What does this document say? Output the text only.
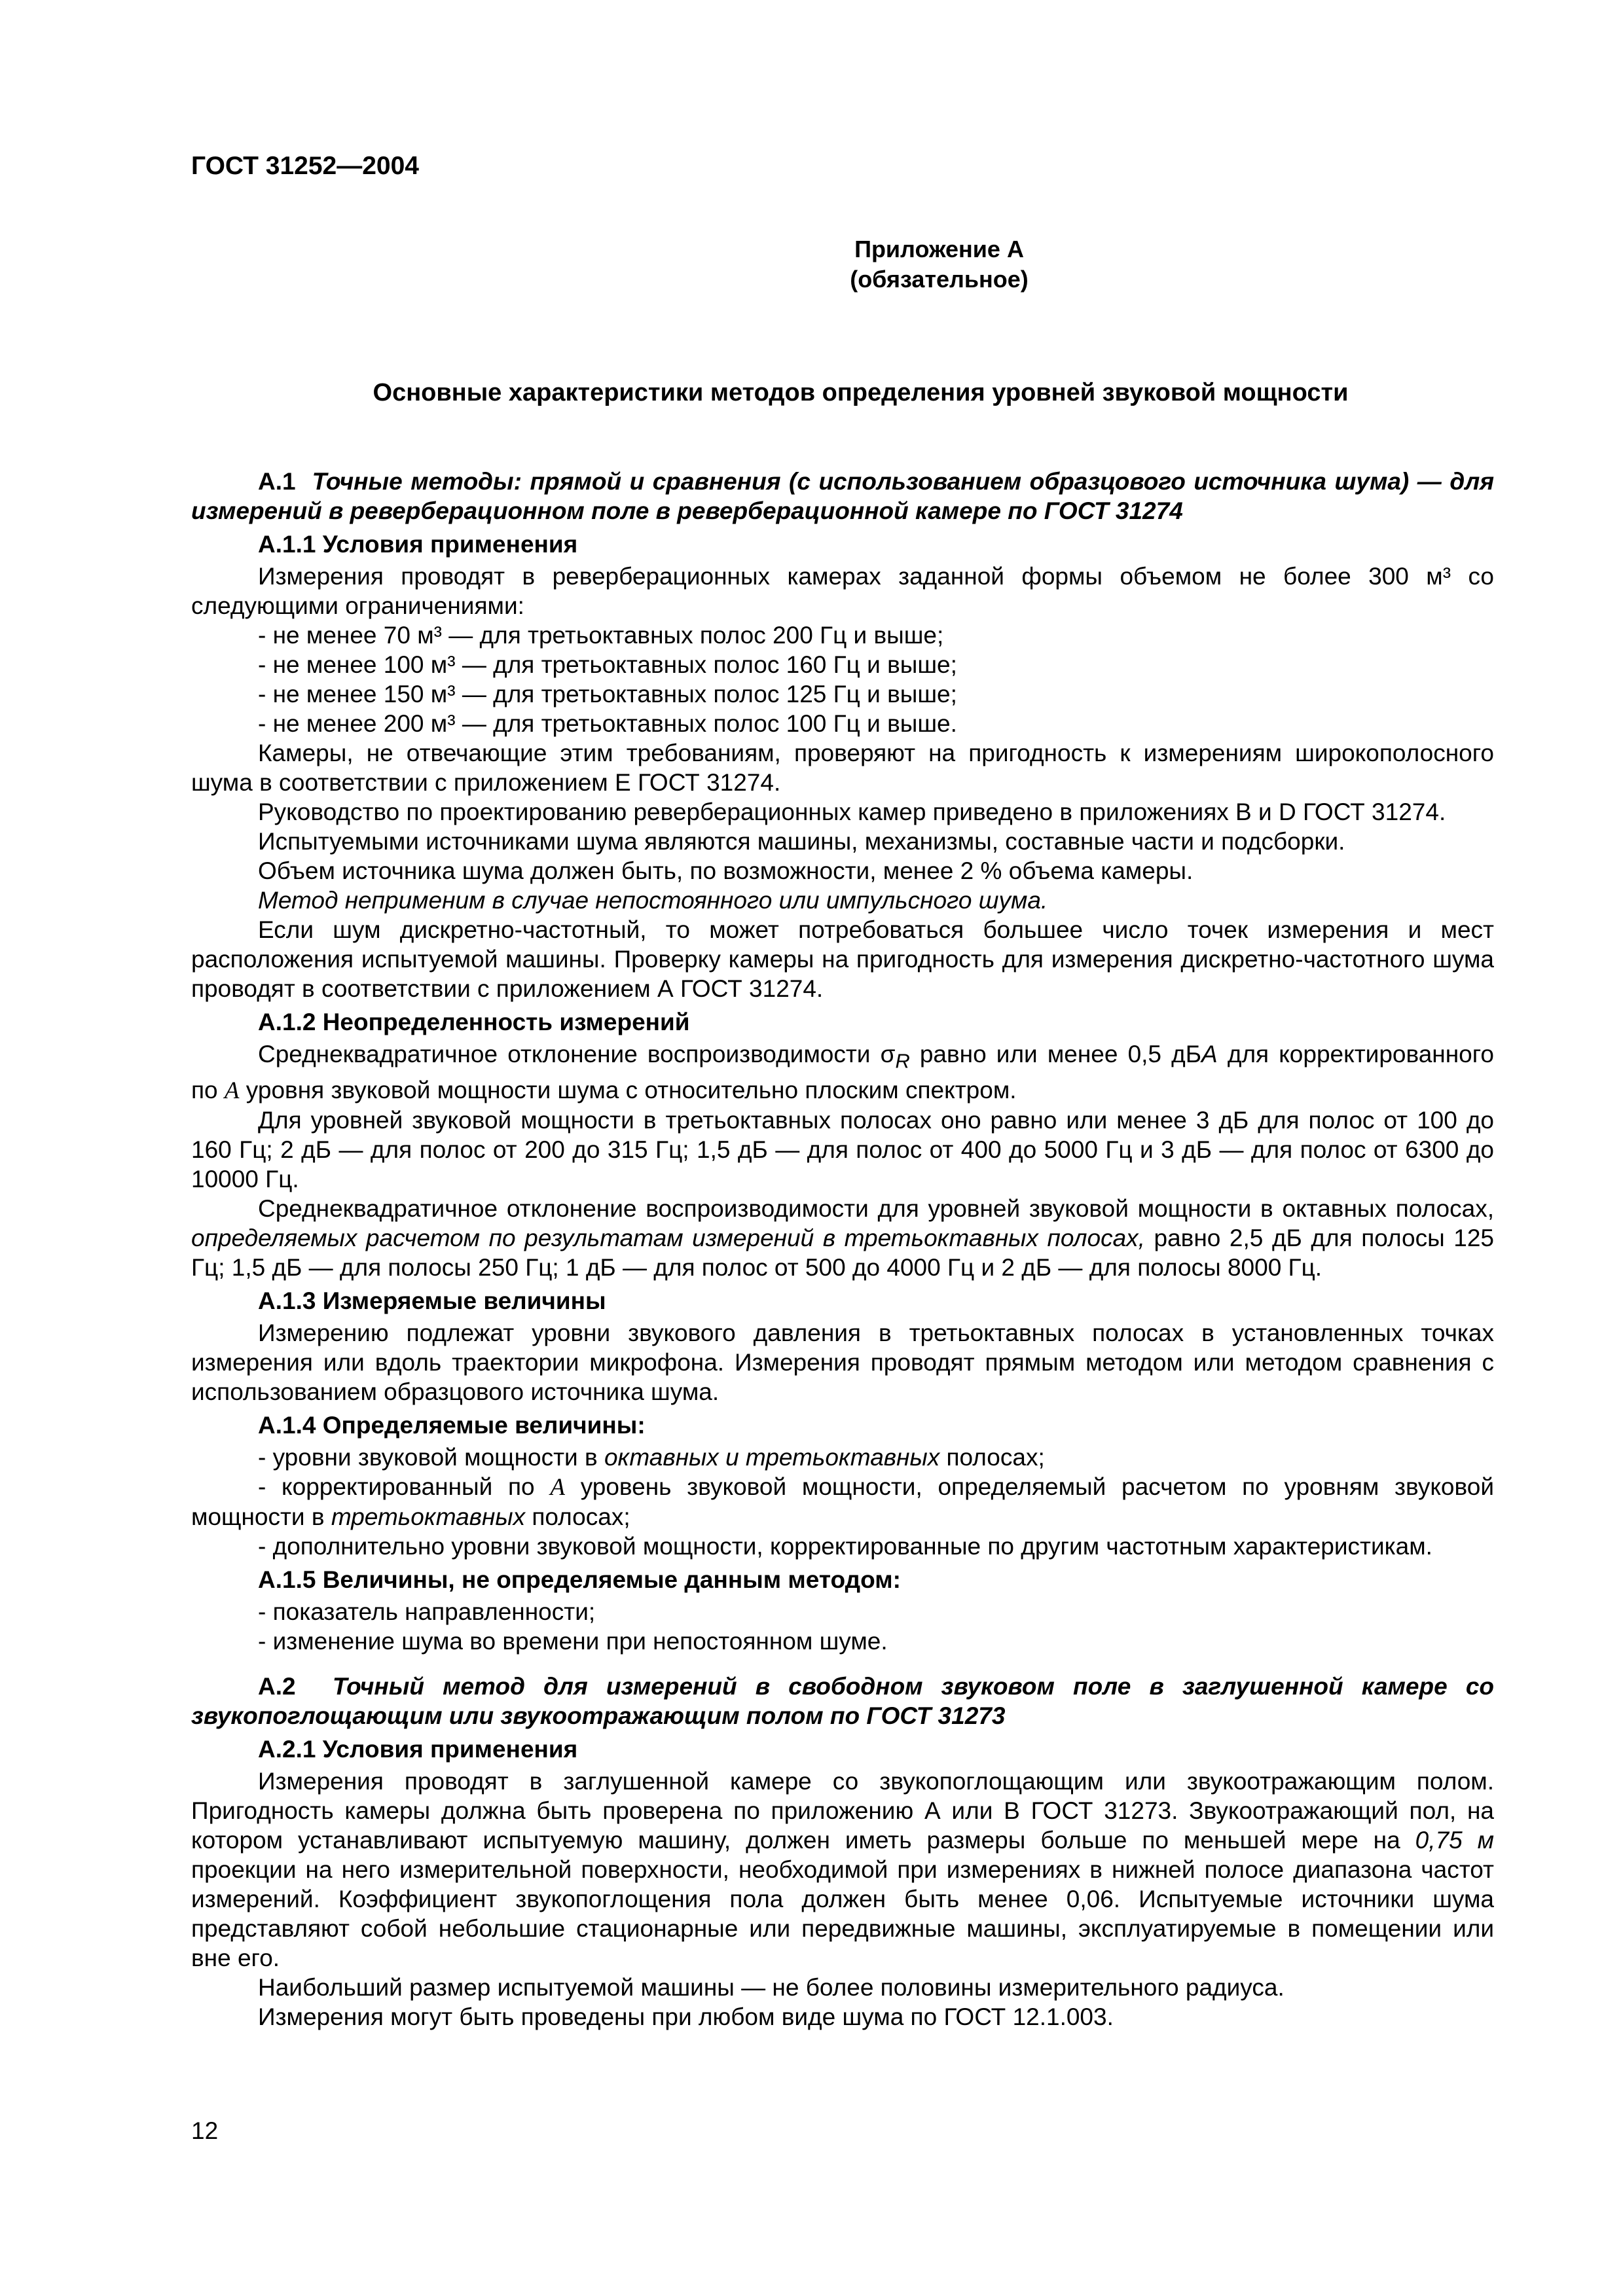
ГОСТ 31252—2004
Приложение А
(обязательное)
Основные характеристики методов определения уровней звуковой мощности

А.1 Точные методы: прямой и сравнения (с использованием образцового источника шума) — для измерений в реверберационном поле в реверберационной камере по ГОСТ 31274

А.1.1 Условия применения

Измерения проводят в реверберационных камерах заданной формы объемом не более 300 м³ со следующими ограничениями:

- не менее 70 м³ — для третьоктавных полос 200 Гц и выше;

- не менее 100 м³ — для третьоктавных полос 160 Гц и выше;

- не менее 150 м³ — для третьоктавных полос 125 Гц и выше;

- не менее 200 м³ — для третьоктавных полос 100 Гц и выше.

Камеры, не отвечающие этим требованиям, проверяют на пригодность к измерениям широкополосного шума в соответствии с приложением Е ГОСТ 31274.

Руководство по проектированию реверберационных камер приведено в приложениях В и D ГОСТ 31274.

Испытуемыми источниками шума являются машины, механизмы, составные части и подсборки.

Объем источника шума должен быть, по возможности, менее 2 % объема камеры.

Метод неприменим в случае непостоянного или импульсного шума.

Если шум дискретно-частотный, то может потребоваться большее число точек измерения и мест расположения испытуемой машины. Проверку камеры на пригодность для измерения дискретно-частотного шума проводят в соответствии с приложением А ГОСТ 31274.

А.1.2 Неопределенность измерений

Среднеквадратичное отклонение воспроизводимости $\sigma_R$ равно или менее 0,5 дБА для корректированного по A уровня звуковой мощности шума с относительно плоским спектром.

Для уровней звуковой мощности в третьоктавных полосах оно равно или менее 3 дБ для полос от 100 до 160 Гц; 2 дБ — для полос от 200 до 315 Гц; 1,5 дБ — для полос от 400 до 5000 Гц и 3 дБ — для полос от 6300 до 10000 Гц.

Среднеквадратичное отклонение воспроизводимости для уровней звуковой мощности в октавных полосах, определяемых расчетом по результатам измерений в третьоктавных полосах, равно 2,5 дБ для полосы 125 Гц; 1,5 дБ — для полосы 250 Гц; 1 дБ — для полос от 500 до 4000 Гц и 2 дБ — для полосы 8000 Гц.

А.1.3 Измеряемые величины

Измерению подлежат уровни звукового давления в третьоктавных полосах в установленных точках измерения или вдоль траектории микрофона. Измерения проводят прямым методом или методом сравнения с использованием образцового источника шума.

А.1.4 Определяемые величины:

- уровни звуковой мощности в октавных и третьоктавных полосах;

- корректированный по A уровень звуковой мощности, определяемый расчетом по уровням звуковой мощности в третьоктавных полосах;

- дополнительно уровни звуковой мощности, корректированные по другим частотным характеристикам.

А.1.5 Величины, не определяемые данным методом:

- показатель направленности;

- изменение шума во времени при непостоянном шуме.

А.2 Точный метод для измерений в свободном звуковом поле в заглушенной камере со звукопоглощающим или звукоотражающим полом по ГОСТ 31273

А.2.1 Условия применения

Измерения проводят в заглушенной камере со звукопоглощающим или звукоотражающим полом. Пригодность камеры должна быть проверена по приложению А или В ГОСТ 31273. Звукоотражающий пол, на котором устанавливают испытуемую машину, должен иметь размеры больше по меньшей мере на 0,75 м проекции на него измерительной поверхности, необходимой при измерениях в нижней полосе диапазона частот измерений. Коэффициент звукопоглощения пола должен быть менее 0,06. Испытуемые источники шума представляют собой небольшие стационарные или передвижные машины, эксплуатируемые в помещении или вне его.

Наибольший размер испытуемой машины — не более половины измерительного радиуса.

Измерения могут быть проведены при любом виде шума по ГОСТ 12.1.003.

12
